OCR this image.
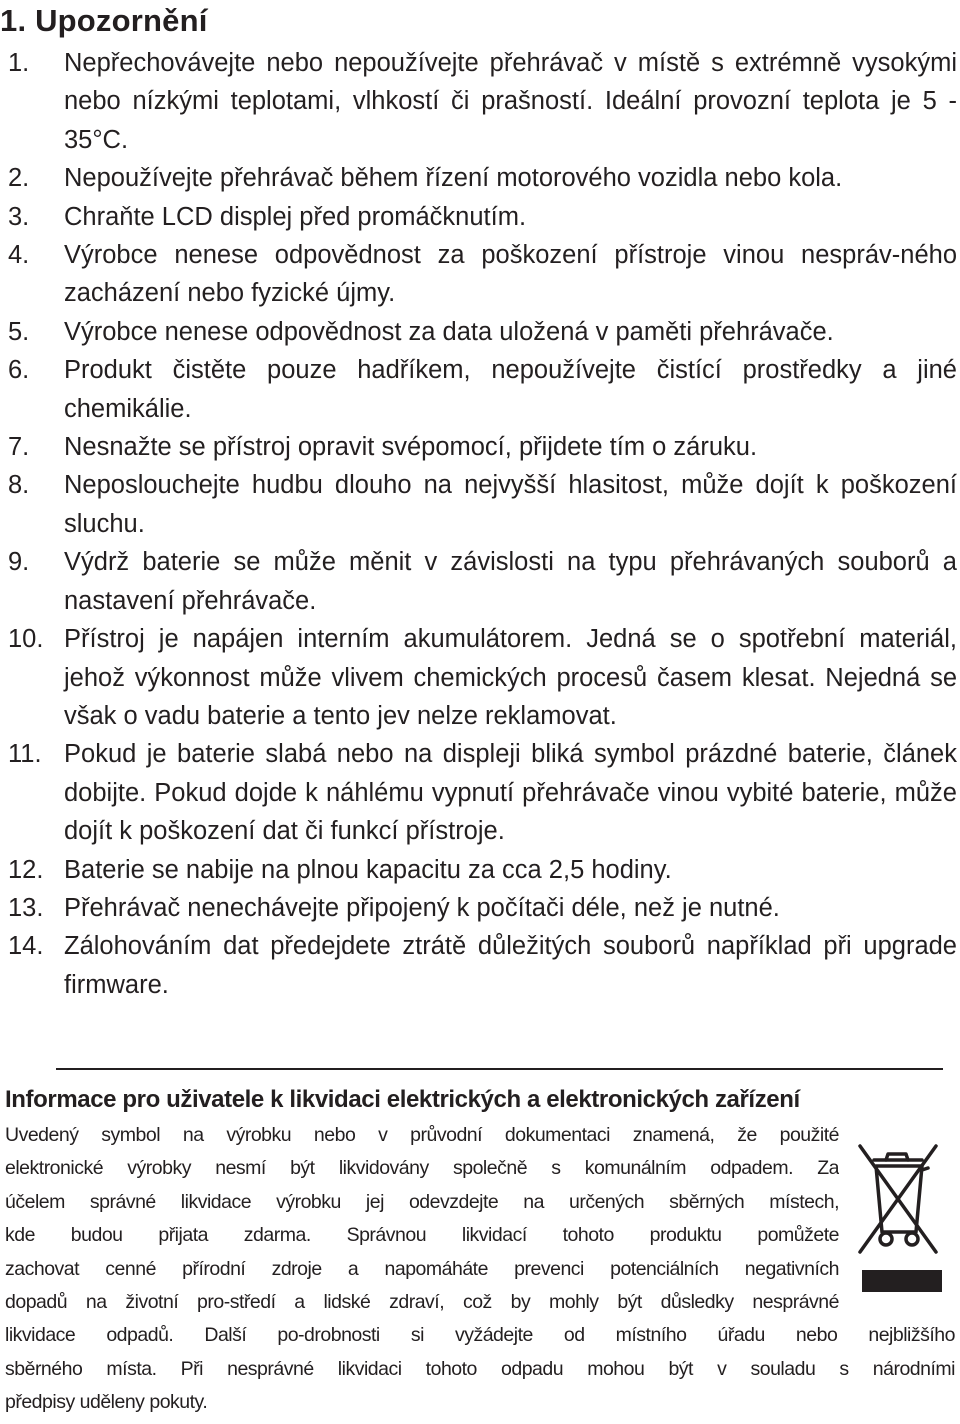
1. Upozornění
1. Nepřechovávejte nebo nepoužívejte přehrávač v místě s extrémně vysokými nebo nízkými teplotami, vlhkostí či prašností. Ideální provozní teplota je 5 - 35°C.
2. Nepoužívejte přehrávač během řízení motorového vozidla nebo kola.
3. Chraňte LCD displej před promáčknutím.
4. Výrobce nenese odpovědnost za poškození přístroje vinou nespráv-ného zacházení nebo fyzické újmy.
5. Výrobce nenese odpovědnost za data uložená v paměti přehrávače.
6. Produkt čistěte pouze hadříkem, nepoužívejte čistící prostředky a jiné chemikálie.
7. Nesnažte se přístroj opravit svépomocí, přijdete tím o záruku.
8. Neposlouchejte hudbu dlouho na nejvyšší hlasitost, může dojít k poškození sluchu.
9. Výdrž baterie se může měnit v závislosti na typu přehrávaných souborů a nastavení přehrávače.
10. Přístroj je napájen interním akumulátorem. Jedná se o spotřební materiál, jehož výkonnost může vlivem chemických procesů časem klesat. Nejedná se však o vadu baterie a tento jev nelze reklamovat.
11. Pokud je baterie slabá nebo na displeji bliká symbol prázdné baterie, článek dobijte. Pokud dojde k náhlému vypnutí přehrávače vinou vybité baterie, může dojít k poškození dat či funkcí přístroje.
12. Baterie se nabije na plnou kapacitu za cca 2,5 hodiny.
13. Přehrávač nenechávejte připojený k počítači déle, než je nutné.
14. Zálohováním dat předejdete ztrátě důležitých souborů například při upgrade firmware.
Informace pro uživatele k likvidaci elektrických a elektronických zařízení
Uvedený symbol na výrobku nebo v průvodní dokumentaci znamená, že použité
elektronické výrobky nesmí být likvidovány společně s komunálním odpadem. Za
účelem správné likvidace výrobku jej odevzdejte na určených sběrných místech,
kde budou přijata zdarma. Správnou likvidací tohoto produktu pomůžete
zachovat cenné přírodní zdroje a napomáháte prevenci potenciálních negativních
dopadů na životní pro-středí a lidské zdraví, což by mohly být důsledky nesprávné
likvidace odpadů. Další po-drobnosti si vyžádejte od místního úřadu nebo nejbližšího
sběrného místa. Při nesprávné likvidaci tohoto odpadu mohou být v souladu s národními
předpisy uděleny pokuty.
